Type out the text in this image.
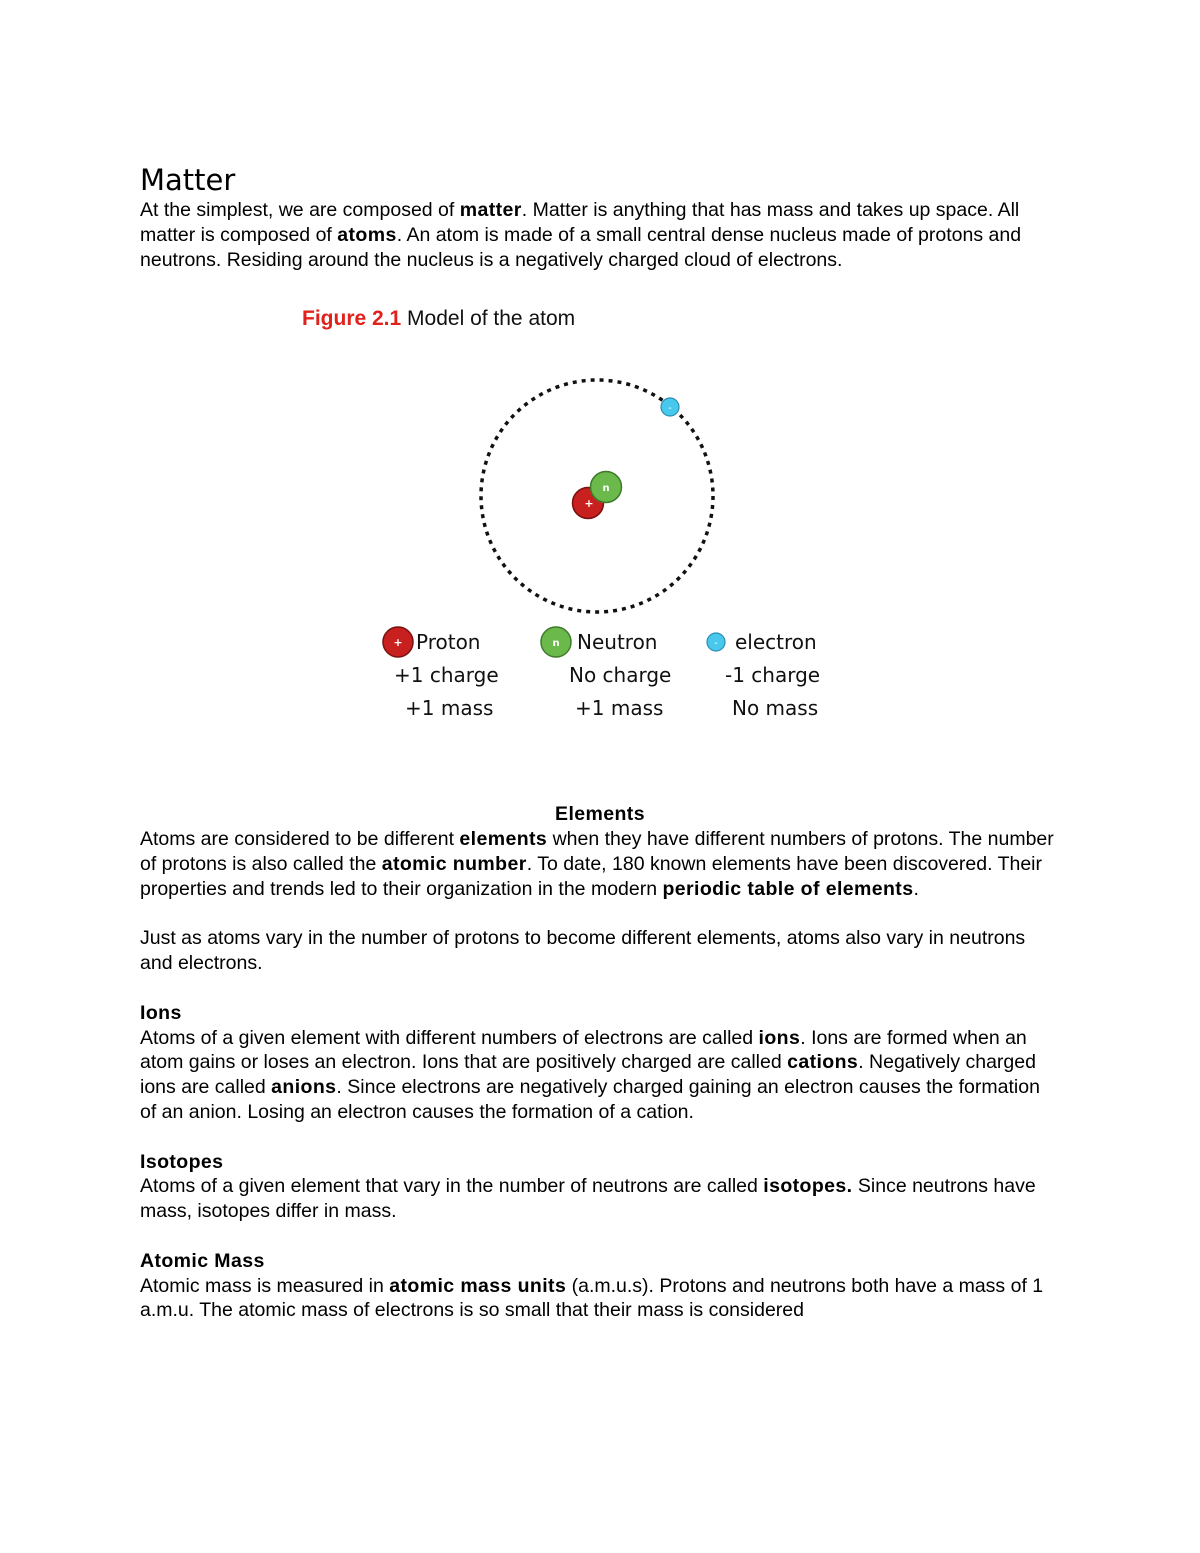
Matter

At the simplest, we are composed of matter. Matter is anything that has mass and takes up space. All matter is composed of atoms. An atom is made of a small central dense nucleus made of protons and neutrons. Residing around the nucleus is a negatively charged cloud of electrons.

Figure 2.1 Model of the atom
+
n
-
+	n	-
Proton
+1 charge
+1 mass
Neutron
No charge
+1 mass
electron
-1 charge
No mass
Elements

Atoms are considered to be different elements when they have different numbers of protons. The number of protons is also called the atomic number. To date, 180 known elements have been discovered. Their properties and trends led to their organization in the modern periodic table of elements.

Just as atoms vary in the number of protons to become different elements, atoms also vary in neutrons and electrons.

Ions

Atoms of a given element with different numbers of electrons are called ions. Ions are formed when an atom gains or loses an electron. Ions that are positively charged are called cations. Negatively charged ions are called anions. Since electrons are negatively charged gaining an electron causes the formation of an anion. Losing an electron causes the formation of a cation.

Isotopes

Atoms of a given element that vary in the number of neutrons are called isotopes. Since neutrons have mass, isotopes differ in mass.

Atomic Mass

Atomic mass is measured in atomic mass units (a.m.u.s). Protons and neutrons both have a mass of 1 a.m.u. The atomic mass of electrons is so small that their mass is considered
